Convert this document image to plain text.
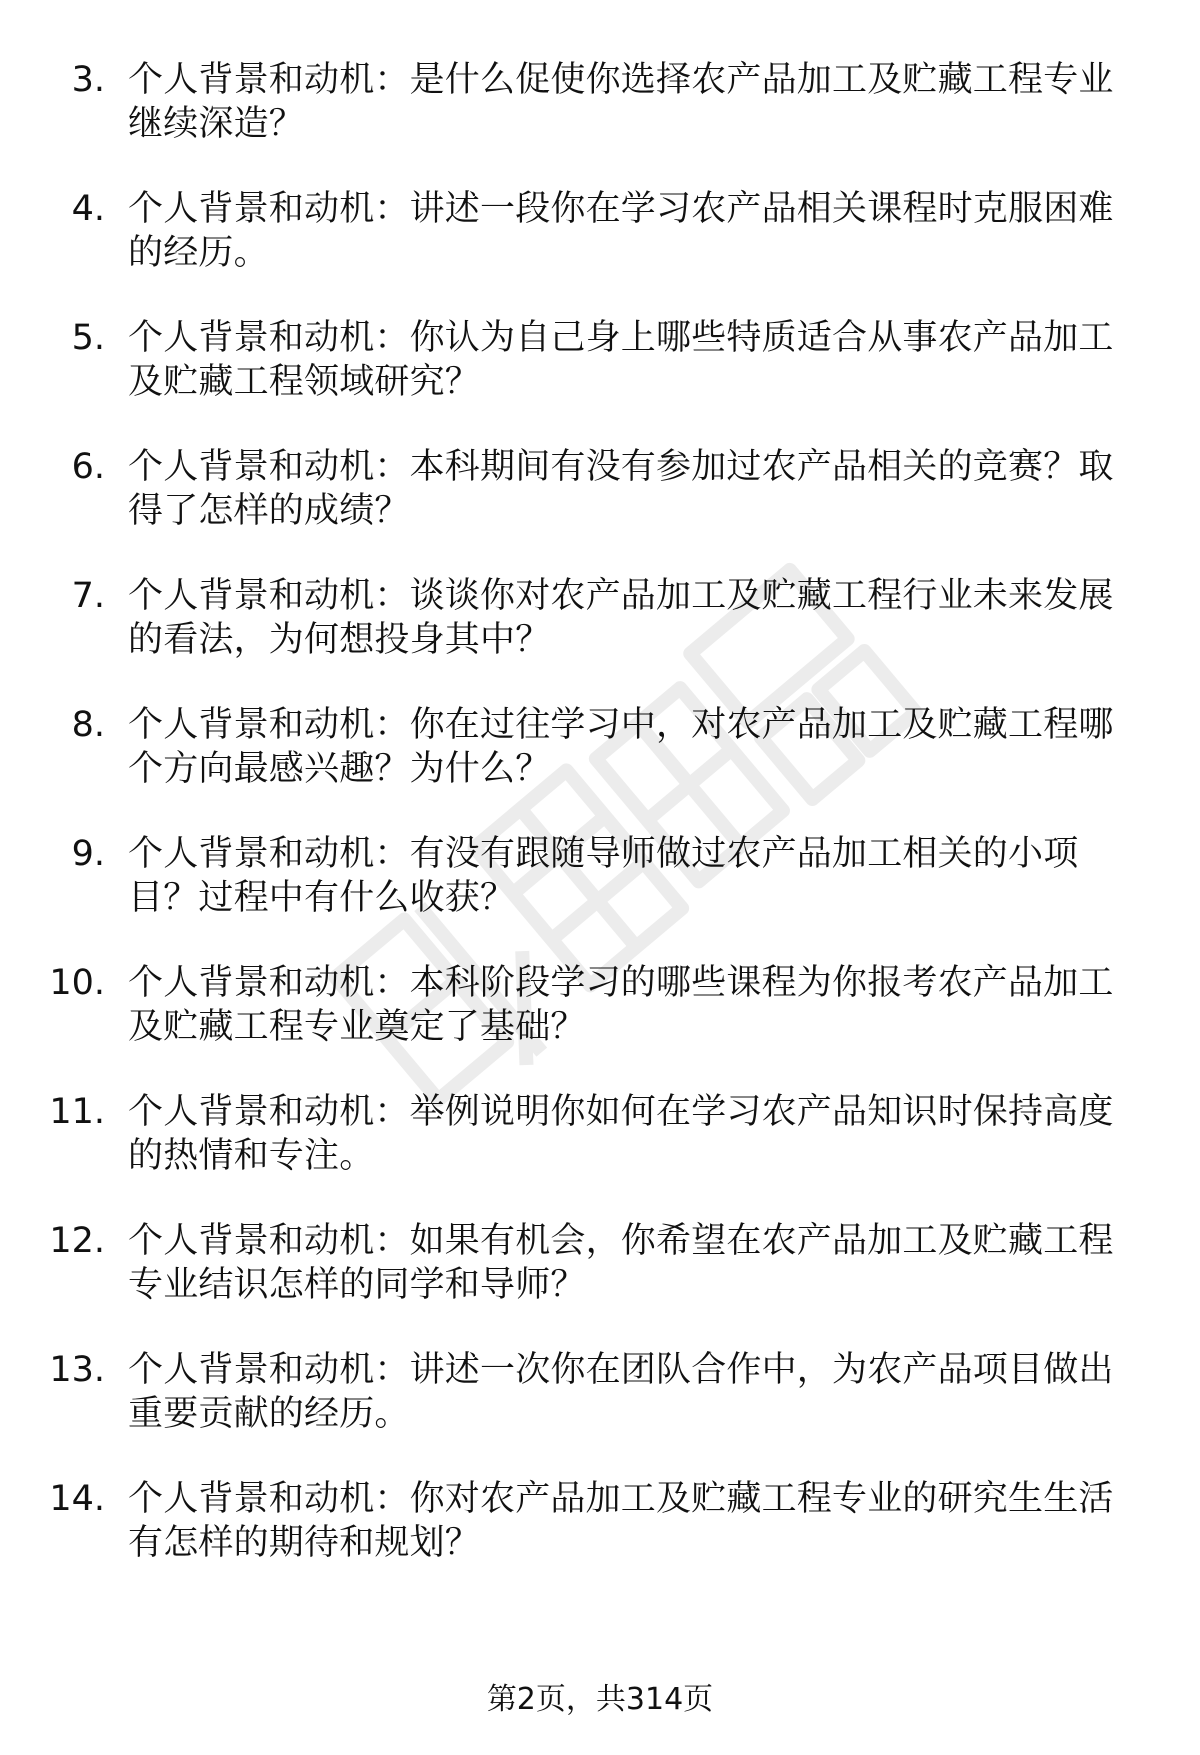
3. 个人背景和动机：是什么促使你选择农产品加工及贮藏工程专业继续深造？
4. 个人背景和动机：讲述一段你在学习农产品相关课程时克服困难的经历。
5. 个人背景和动机：你认为自己身上哪些特质适合从事农产品加工及贮藏工程领域研究？
6. 个人背景和动机：本科期间有没有参加过农产品相关的竞赛？取得了怎样的成绩？
7. 个人背景和动机：谈谈你对农产品加工及贮藏工程行业未来发展的看法，为何想投身其中？
8. 个人背景和动机：你在过往学习中，对农产品加工及贮藏工程哪个方向最感兴趣？为什么？
9. 个人背景和动机：有没有跟随导师做过农产品加工相关的小项目？过程中有什么收获？
10. 个人背景和动机：本科阶段学习的哪些课程为你报考农产品加工及贮藏工程专业奠定了基础？
11. 个人背景和动机：举例说明你如何在学习农产品知识时保持高度的热情和专注。
12. 个人背景和动机：如果有机会，你希望在农产品加工及贮藏工程专业结识怎样的同学和导师？
13. 个人背景和动机：讲述一次你在团队合作中，为农产品项目做出重要贡献的经历。
14. 个人背景和动机：你对农产品加工及贮藏工程专业的研究生生活有怎样的期待和规划？
第2页，共314页
